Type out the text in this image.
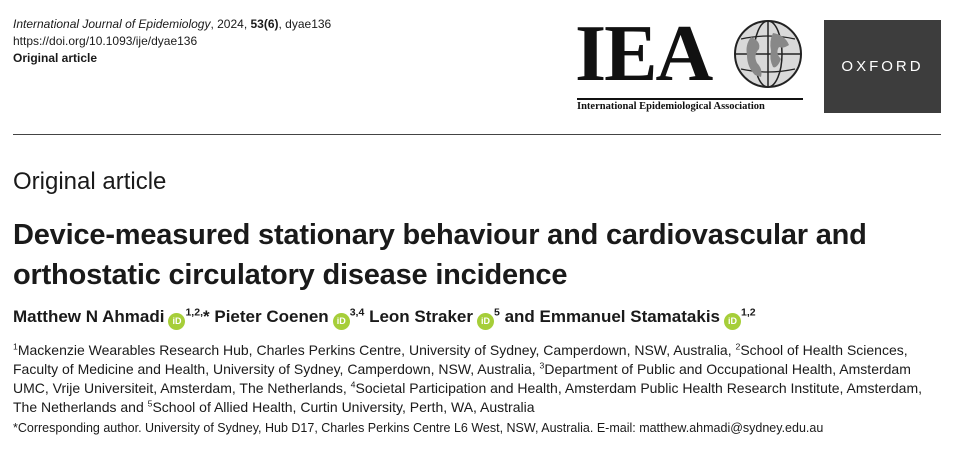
International Journal of Epidemiology, 2024, 53(6), dyae136
https://doi.org/10.1093/ije/dyae136
Original article	IEA
International Epidemiological Association
OXFORD
Original article
Device-measured stationary behaviour and cardiovascular and orthostatic circulatory disease incidence
Matthew N Ahmadi $iD^{1,2,}*$ Pieter Coenen iD$^{3,4}$ Leon Straker $iD^5$ and Emmanuel Stamatakis iD$^{1,2}$
$^1$Mackenzie Wearables Research Hub, Charles Perkins Centre, University of Sydney, Camperdown, NSW, Australia, $^2$School of Health Sciences, Faculty of Medicine and Health, University of Sydney, Camperdown, NSW, Australia, $^3$Department of Public and Occupational Health, Amsterdam UMC, Vrije Universiteit, Amsterdam, The Netherlands, $^4$Societal Participation and Health, Amsterdam Public Health Research Institute, Amsterdam, The Netherlands and $^5$School of Allied Health, Curtin University, Perth, WA, Australia
*Corresponding author. University of Sydney, Hub D17, Charles Perkins Centre L6 West, NSW, Australia. E-mail: matthew.ahmadi@sydney.edu.au
